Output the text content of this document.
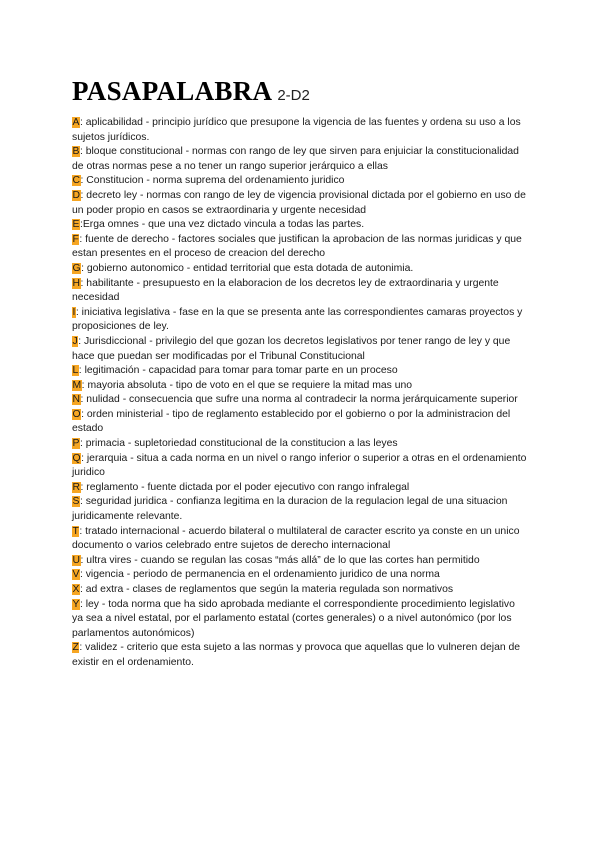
PASAPALABRA 2-D2

A: aplicabilidad - principio jurídico que presupone la vigencia de las fuentes y ordena su uso a los sujetos jurídicos.

B: bloque constitucional - normas con rango de ley que sirven para enjuiciar la constitucionalidad de otras normas pese a no tener un rango superior jerárquico a ellas

C: Constitucion - norma suprema del ordenamiento juridico

D: decreto ley - normas con rango de ley de vigencia provisional dictada por el gobierno en uso de un poder propio en casos se extraordinaria y urgente necesidad

E:Erga omnes - que una vez dictado vincula a todas las partes.

F: fuente de derecho - factores sociales que justifican la aprobacion de las normas juridicas y que estan presentes en el proceso de creacion del derecho

G: gobierno autonomico - entidad territorial que esta dotada de autonimia.

H: habilitante - presupuesto en la elaboracion de los decretos ley de extraordinaria y urgente necesidad

I: iniciativa legislativa - fase en la que se presenta ante las correspondientes camaras proyectos y proposiciones de ley.

J: Jurisdiccional - privilegio del que gozan los decretos legislativos por tener rango de ley y que hace que puedan ser modificadas por el Tribunal Constitucional

L: legitimación - capacidad para tomar para tomar parte en un proceso

M: mayoria absoluta - tipo de voto en el que se requiere la mitad mas uno

N: nulidad - consecuencia que sufre una norma al contradecir la norma jerárquicamente superior

O: orden ministerial - tipo de reglamento establecido por el gobierno o por la administracion del estado

P: primacia - supletoriedad constitucional de la constitucion a las leyes

Q: jerarquia - situa a cada norma en un nivel o rango inferior o superior a otras en el ordenamiento juridico

R: reglamento - fuente dictada por el poder ejecutivo con rango infralegal

S: seguridad juridica - confianza legitima en la duracion de la regulacion legal de una situacion juridicamente relevante.

T: tratado internacional - acuerdo bilateral o multilateral de caracter escrito ya conste en un unico documento o varios celebrado entre sujetos de derecho internacional

U: ultra vires - cuando se regulan las cosas “más allá” de lo que las cortes han permitido

V: vigencia - periodo de permanencia en el ordenamiento juridico de una norma

X: ad extra - clases de reglamentos que según la materia regulada son normativos

Y: ley - toda norma que ha sido aprobada mediante el correspondiente procedimiento legislativo ya sea a nivel estatal, por el parlamento estatal (cortes generales) o a nivel autonómico (por los parlamentos autonómicos)

Z: validez - criterio que esta sujeto a las normas y provoca que aquellas que lo vulneren dejan de existir en el ordenamiento.
